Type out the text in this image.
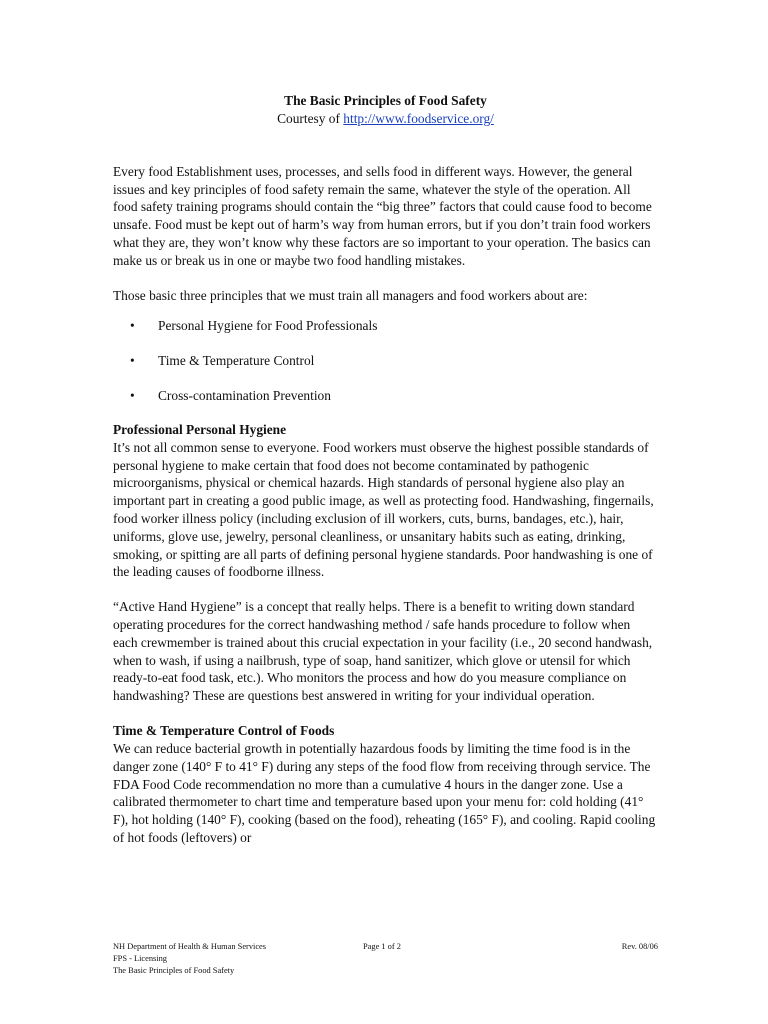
The Basic Principles of Food Safety

Courtesy of http://www.foodservice.org/

Every food Establishment uses, processes, and sells food in different ways. However, the general issues and key principles of food safety remain the same, whatever the style of the operation. All food safety training programs should contain the “big three” factors that could cause food to become unsafe. Food must be kept out of harm’s way from human errors, but if you don’t train food workers what they are, they won’t know why these factors are so important to your operation. The basics can make us or break us in one or maybe two food handling mistakes.

Those basic three principles that we must train all managers and food workers about are:

• Personal Hygiene for Food Professionals
• Time & Temperature Control
• Cross-contamination Prevention
Professional Personal Hygiene

It’s not all common sense to everyone. Food workers must observe the highest possible standards of personal hygiene to make certain that food does not become contaminated by pathogenic microorganisms, physical or chemical hazards. High standards of personal hygiene also play an important part in creating a good public image, as well as protecting food. Handwashing, fingernails, food worker illness policy (including exclusion of ill workers, cuts, burns, bandages, etc.), hair, uniforms, glove use, jewelry, personal cleanliness, or unsanitary habits such as eating, drinking, smoking, or spitting are all parts of defining personal hygiene standards. Poor handwashing is one of the leading causes of foodborne illness.

“Active Hand Hygiene” is a concept that really helps. There is a benefit to writing down standard operating procedures for the correct handwashing method / safe hands procedure to follow when each crewmember is trained about this crucial expectation in your facility (i.e., 20 second handwash, when to wash, if using a nailbrush, type of soap, hand sanitizer, which glove or utensil for which ready-to-eat food task, etc.). Who monitors the process and how do you measure compliance on handwashing? These are questions best answered in writing for your individual operation.

Time & Temperature Control of Foods

We can reduce bacterial growth in potentially hazardous foods by limiting the time food is in the danger zone (140° F to 41° F) during any steps of the food flow from receiving through service. The FDA Food Code recommendation no more than a cumulative 4 hours in the danger zone. Use a calibrated thermometer to chart time and temperature based upon your menu for: cold holding (41° F), hot holding (140° F), cooking (based on the food), reheating (165° F), and cooling. Rapid cooling of hot foods (leftovers) or

NH Department of Health & Human Services	Page 1 of 2	Rev. 08/06
FPS - Licensing
The Basic Principles of Food Safety
